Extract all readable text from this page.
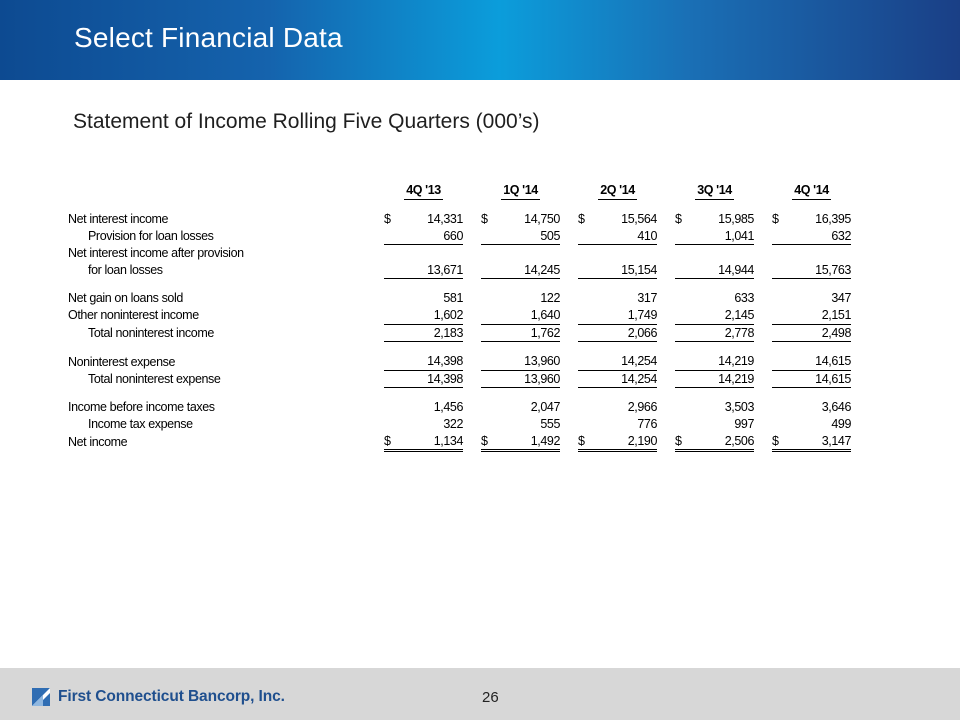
Select Financial Data
Statement of Income Rolling Five Quarters (000’s)
		4Q '13		1Q '14		2Q '14		3Q '14		4Q '14

Net interest income		$ 14,331		$ 14,750		$ 15,564		$ 15,985		$ 16,395

Provision for loan losses		660		505		410		1,041		632

Net interest income after provision										
for loan losses		13,671		14,245		15,154		14,944		15,763

Net gain on loans sold		581		122		317		633		347

Other noninterest income		1,602		1,640		1,749		2,145		2,151

Total noninterest income		2,183		1,762		2,066		2,778		2,498

Noninterest expense		14,398		13,960		14,254		14,219		14,615

Total noninterest expense		14,398		13,960		14,254		14,219		14,615

Income before income taxes		1,456		2,047		2,966		3,503		3,646

Income tax expense		322		555		776		997		499

Net income		$ 1,134		$ 1,492		$ 2,190		$ 2,506		$ 3,147
First Connecticut Bancorp, Inc.	26
